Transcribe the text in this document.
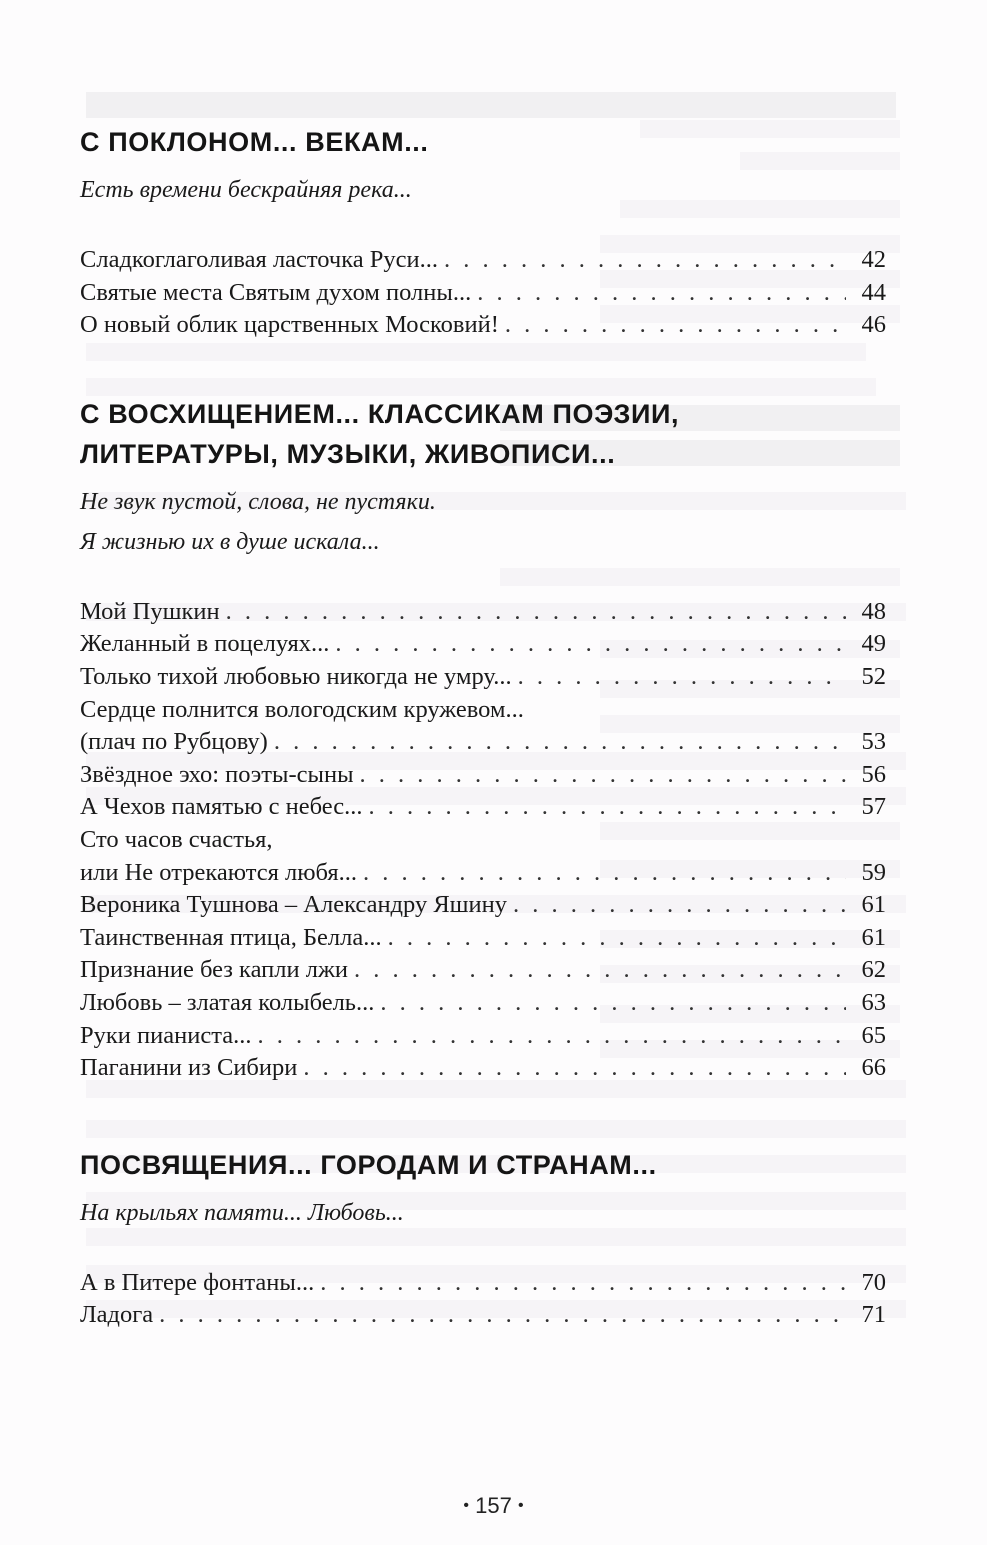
С ПОКЛОНОМ... ВЕКАМ...

Есть времени бескрайняя река...

Сладкоглаголивая ласточка Руси... . . .	42
Святые места Святым духом полны... . . .	44
О новый облик царственных Московий! . . .	46
С ВОСХИЩЕНИЕМ... КЛАССИКАМ ПОЭЗИИ,
ЛИТЕРАТУРЫ, МУЗЫКИ, ЖИВОПИСИ...

Не звук пустой, слова, не пустяки.

Я жизнью их в душе искала...

Мой Пушкин . . .	48
Желанный в поцелуях... . . .	49
Только тихой любовью никогда не умру... . . .	52
Сердце полнится вологодским кружевом...
(плач по Рубцову) . . .	53
Звёздное эхо: поэты-сыны . . .	56
А Чехов памятью с небес... . . .	57
Сто часов счастья,
или Не отрекаются любя... . . .	59
Вероника Тушнова – Александру Яшину . . .	61
Таинственная птица, Белла... . . .	61
Признание без капли лжи . . .	62
Любовь – златая колыбель... . . .	63
Руки пианиста... . . .	65
Паганини из Сибири . . .	66
ПОСВЯЩЕНИЯ... ГОРОДАМ И СТРАНАМ...

На крыльях памяти... Любовь...

А в Питере фонтаны... . . .	70
Ладога . . .	71
• 157 •
